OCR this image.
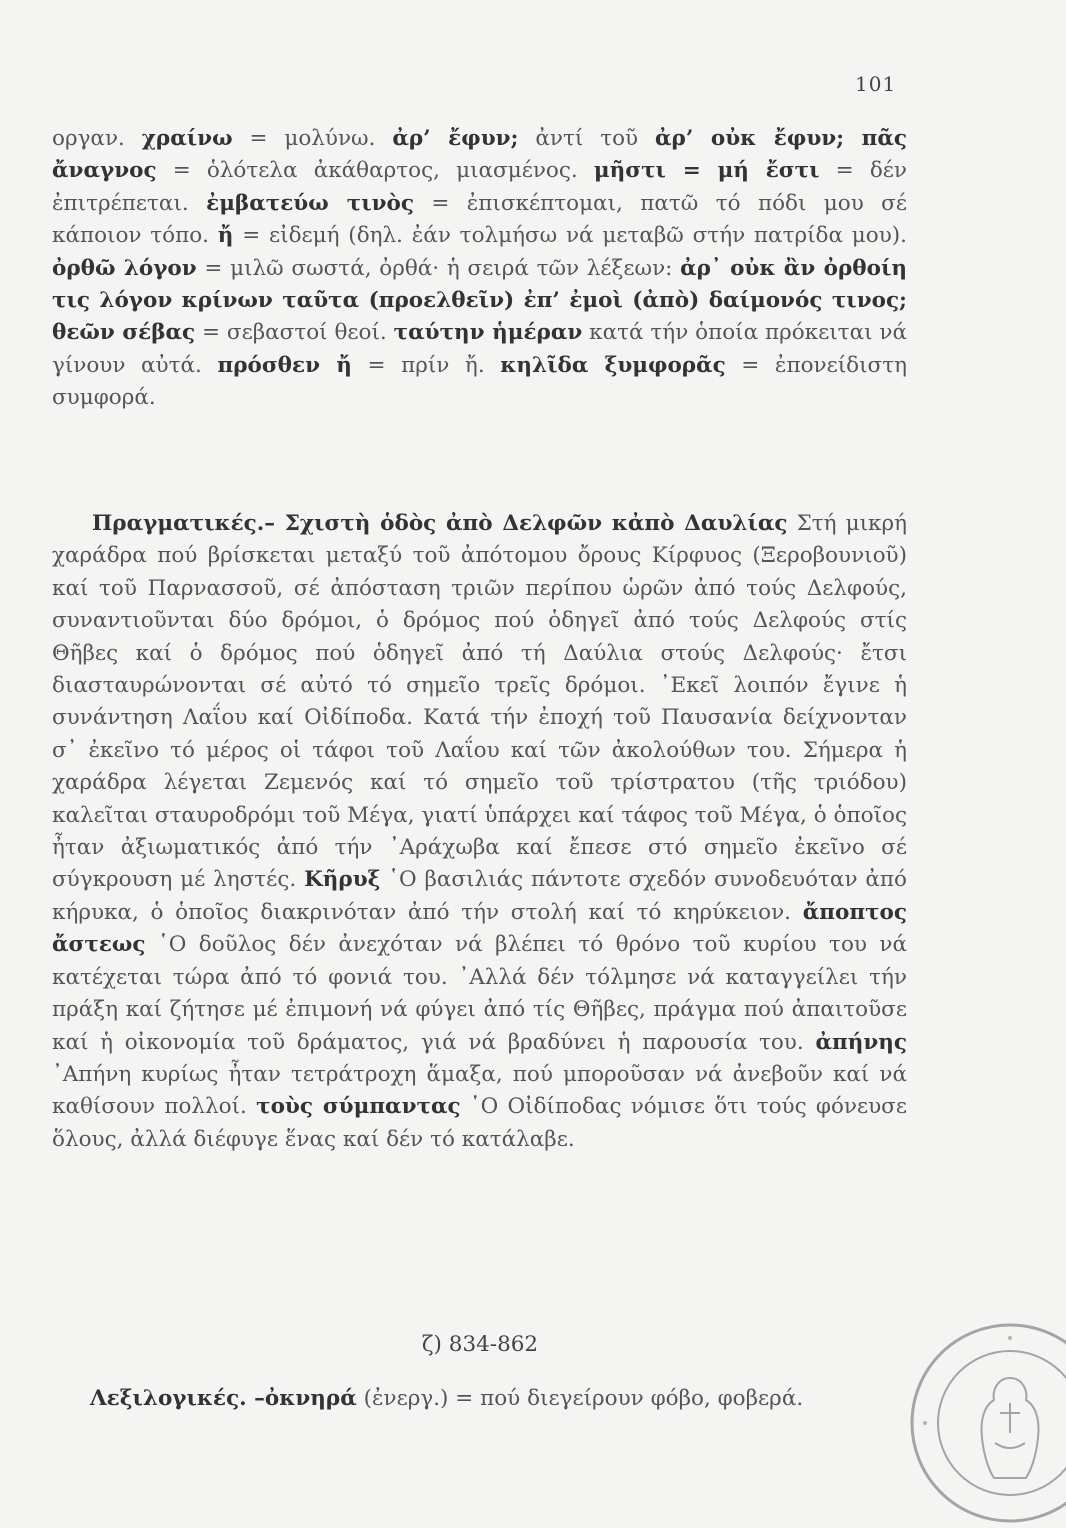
101
οργαν. χραίνω = μολύνω. ἀρ’ ἔφυν; ἀντί τοῦ ἀρ’ οὐκ ἔφυν; πᾶς ἄναγνος = ὁλότελα ἀκάθαρτος, μιασμένος. μῆστι = μή ἔστι = δέν ἐπιτρέπεται. ἐμβατεύω τινὸς = ἐπισκέπτομαι, πατῶ τό πόδι μου σέ κάποιον τόπο. ἤ = εἰδεμή (δηλ. ἐάν τολμήσω νά μεταβῶ στήν πατρίδα μου). ὀρθῶ λόγον = μιλῶ σωστά, ὀρθά· ἡ σειρά τῶν λέξεων: ἀρ᾽ οὐκ ἂν ὀρθοίη τις λόγον κρίνων ταῦτα (προελθεῖν) ἐπ’ ἐμοὶ (ἀπὸ) δαίμονός τινος; θεῶν σέβας = σεβαστοί θεοί. ταύτην ἡμέραν κατά τήν ὁποία πρόκειται νά γίνουν αὐτά. πρόσθεν ἤ = πρίν ἤ. κηλῖδα ξυμφορᾶς = ἐπονείδιστη συμφορά.
Πραγματικές.– Σχιστὴ ὁδὸς ἀπὸ Δελφῶν κἀπὸ Δαυλίας Στή μικρή χαράδρα πού βρίσκεται μεταξύ τοῦ ἀπότομου ὄρους Κίρφυος (Ξεροβουνιοῦ) καί τοῦ Παρνασσοῦ, σέ ἀπόσταση τριῶν περίπου ὡρῶν ἀπό τούς Δελφούς, συναντιοῦνται δύο δρόμοι, ὁ δρόμος πού ὁδηγεῖ ἀπό τούς Δελφούς στίς Θῆβες καί ὁ δρόμος πού ὁδηγεῖ ἀπό τή Δαύλια στούς Δελφούς· ἔτσι διασταυρώνονται σέ αὐτό τό σημεῖο τρεῖς δρόμοι. ᾽Εκεῖ λοιπόν ἔγινε ἡ συνάντηση Λαΐου καί Οἰδίποδα. Κατά τήν ἐποχή τοῦ Παυσανία δείχνονταν σ᾽ ἐκεῖνο τό μέρος οἱ τάφοι τοῦ Λαΐου καί τῶν ἀκολούθων του. Σήμερα ἡ χαράδρα λέγεται Ζεμενός καί τό σημεῖο τοῦ τρίστρατου (τῆς τριόδου) καλεῖται σταυροδρόμι τοῦ Μέγα, γιατί ὑπάρχει καί τάφος τοῦ Μέγα, ὁ ὁποῖος ἦταν ἀξιωματικός ἀπό τήν ᾽Αράχωβα καί ἔπεσε στό σημεῖο ἐκεῖνο σέ σύγκρουση μέ ληστές. Κῆρυξ ῾Ο βασιλιάς πάντοτε σχεδόν συνοδευόταν ἀπό κήρυκα, ὁ ὁποῖος διακρινόταν ἀπό τήν στολή καί τό κηρύκειον. ἄποπτος ἄστεως ῾Ο δοῦλος δέν ἀνεχόταν νά βλέπει τό θρόνο τοῦ κυρίου του νά κατέχεται τώρα ἀπό τό φονιά του. ᾽Αλλά δέν τόλμησε νά καταγγείλει τήν πράξη καί ζήτησε μέ ἐπιμονή νά φύγει ἀπό τίς Θῆβες, πράγμα πού ἀπαιτοῦσε καί ἡ οἰκονομία τοῦ δράματος, γιά νά βραδύνει ἡ παρουσία του. ἀπήνης ᾽Απήνη κυρίως ἦταν τετράτροχη ἅμαξα, πού μποροῦσαν νά ἀνεβοῦν καί νά καθίσουν πολλοί. τοὺς σύμπαντας ῾Ο Οἰδίποδας νόμισε ὅτι τούς φόνευσε ὅλους, ἀλλά διέφυγε ἕνας καί δέν τό κατάλαβε.
ζ) 834-862
Λεξιλογικές. –ὀκνηρά (ἐνεργ.) = πού διεγείρουν φόβο, φοβερά.
